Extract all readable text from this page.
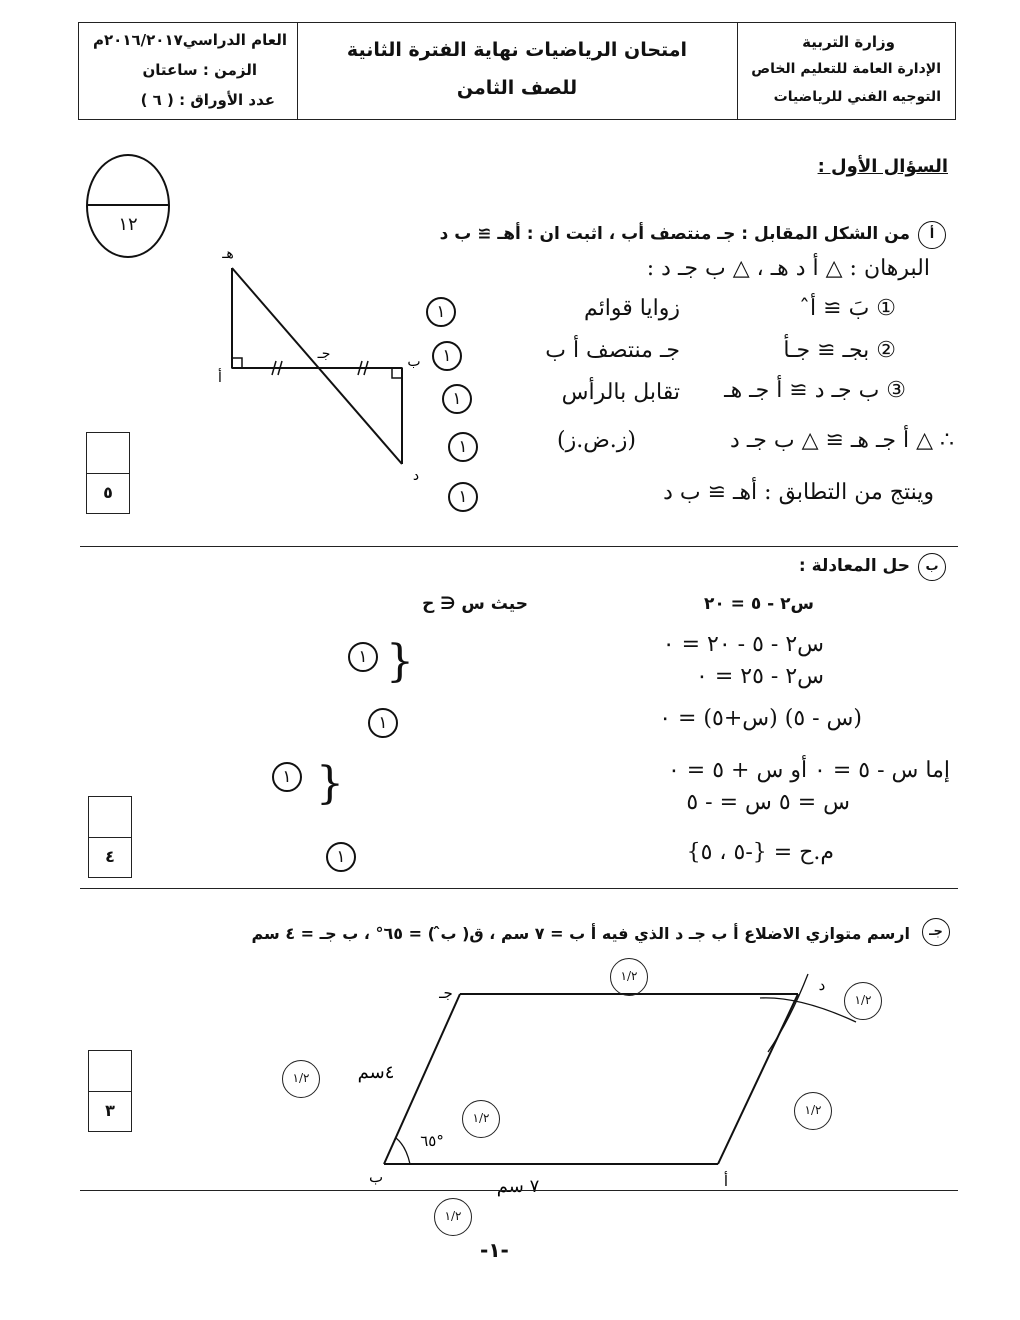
العام الدراسي٢٠١٦/٢٠١٧م
الزمن : ساعتان
عدد الأوراق : ( ٦ )
امتحان الرياضيات نهاية الفترة الثانية
للصف الثامن
وزارة التربية
الإدارة العامة للتعليم الخاص
التوجيه الفني للرياضيات
١٢
السؤال الأول :
أ
من الشكل المقابل : جـ منتصف أب ، اثبت ان : أهـ ≅ ب د
البرهان : △ أ د هـ ، △ ب جـ د :
① بَ ≅ أ̂
زوايا قوائم
١
② بجـ ≅ جـأ
جـ منتصف أ ب
١
③ ب جـ د ≅ أ جـ هـ
تقابل بالرأس
١
∴ △ أ جـ هـ ≅ △ ب جـ د
(ز.ض.ز)
١
وينتج من التطابق : أهـ ≅ ب د
١
هـ
أ
جـ	ب
د
٥
ب
حل المعادلة :
س٢ - ٥ = ٢٠
حيث س ∈ ح
س٢ - ٥ - ٢٠ = ٠
س٢ - ٢٥ = ٠
{
١
(س - ٥) (س+٥) = ٠
١
إما س - ٥ = ٠ أو س + ٥ = ٠
س = ٥ س = - ٥
{
١
م.ح = {-٥ ، ٥}
١
٤
جـ
ارسم متوازي الاضلاع أ ب جـ د الذي فيه أ ب = ٧ سم ، ق( ب̂ ) = ٦٥° ، ب جـ = ٤ سم
جـ	د
ب	أ
٤سم
٧ سم
٦٥°
١/٢
١/٢
١/٢
١/٢
١/٢
١/٢
٣
-١-
